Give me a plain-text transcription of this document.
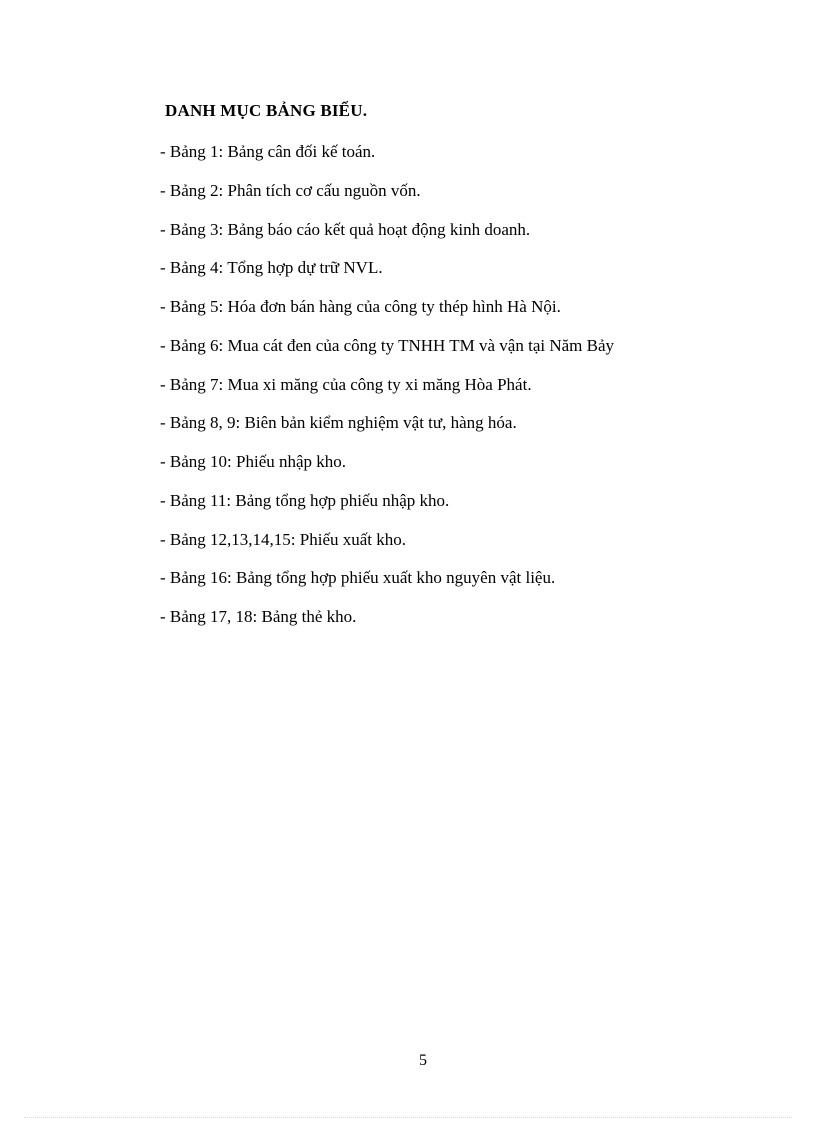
DANH MỤC BẢNG BIỂU.
- Bảng 1: Bảng cân đối kế toán.
- Bảng 2: Phân tích cơ cấu nguồn vốn.
- Bảng 3: Bảng báo cáo kết quả hoạt động kinh doanh.
- Bảng 4: Tổng hợp dự trữ NVL.
- Bảng 5: Hóa đơn bán hàng của công ty thép hình Hà Nội.
- Bảng 6: Mua cát đen của công ty TNHH TM và vận tại Năm Bảy
- Bảng 7: Mua xi măng của công ty xi măng Hòa Phát.
- Bảng 8, 9: Biên bản kiểm nghiệm vật tư, hàng hóa.
- Bảng 10: Phiếu nhập kho.
- Bảng 11: Bảng tổng hợp phiếu nhập kho.
- Bảng 12,13,14,15: Phiếu xuất kho.
- Bảng 16: Bảng tổng hợp phiếu xuất kho nguyên vật liệu.
- Bảng 17, 18: Bảng thẻ kho.
5
